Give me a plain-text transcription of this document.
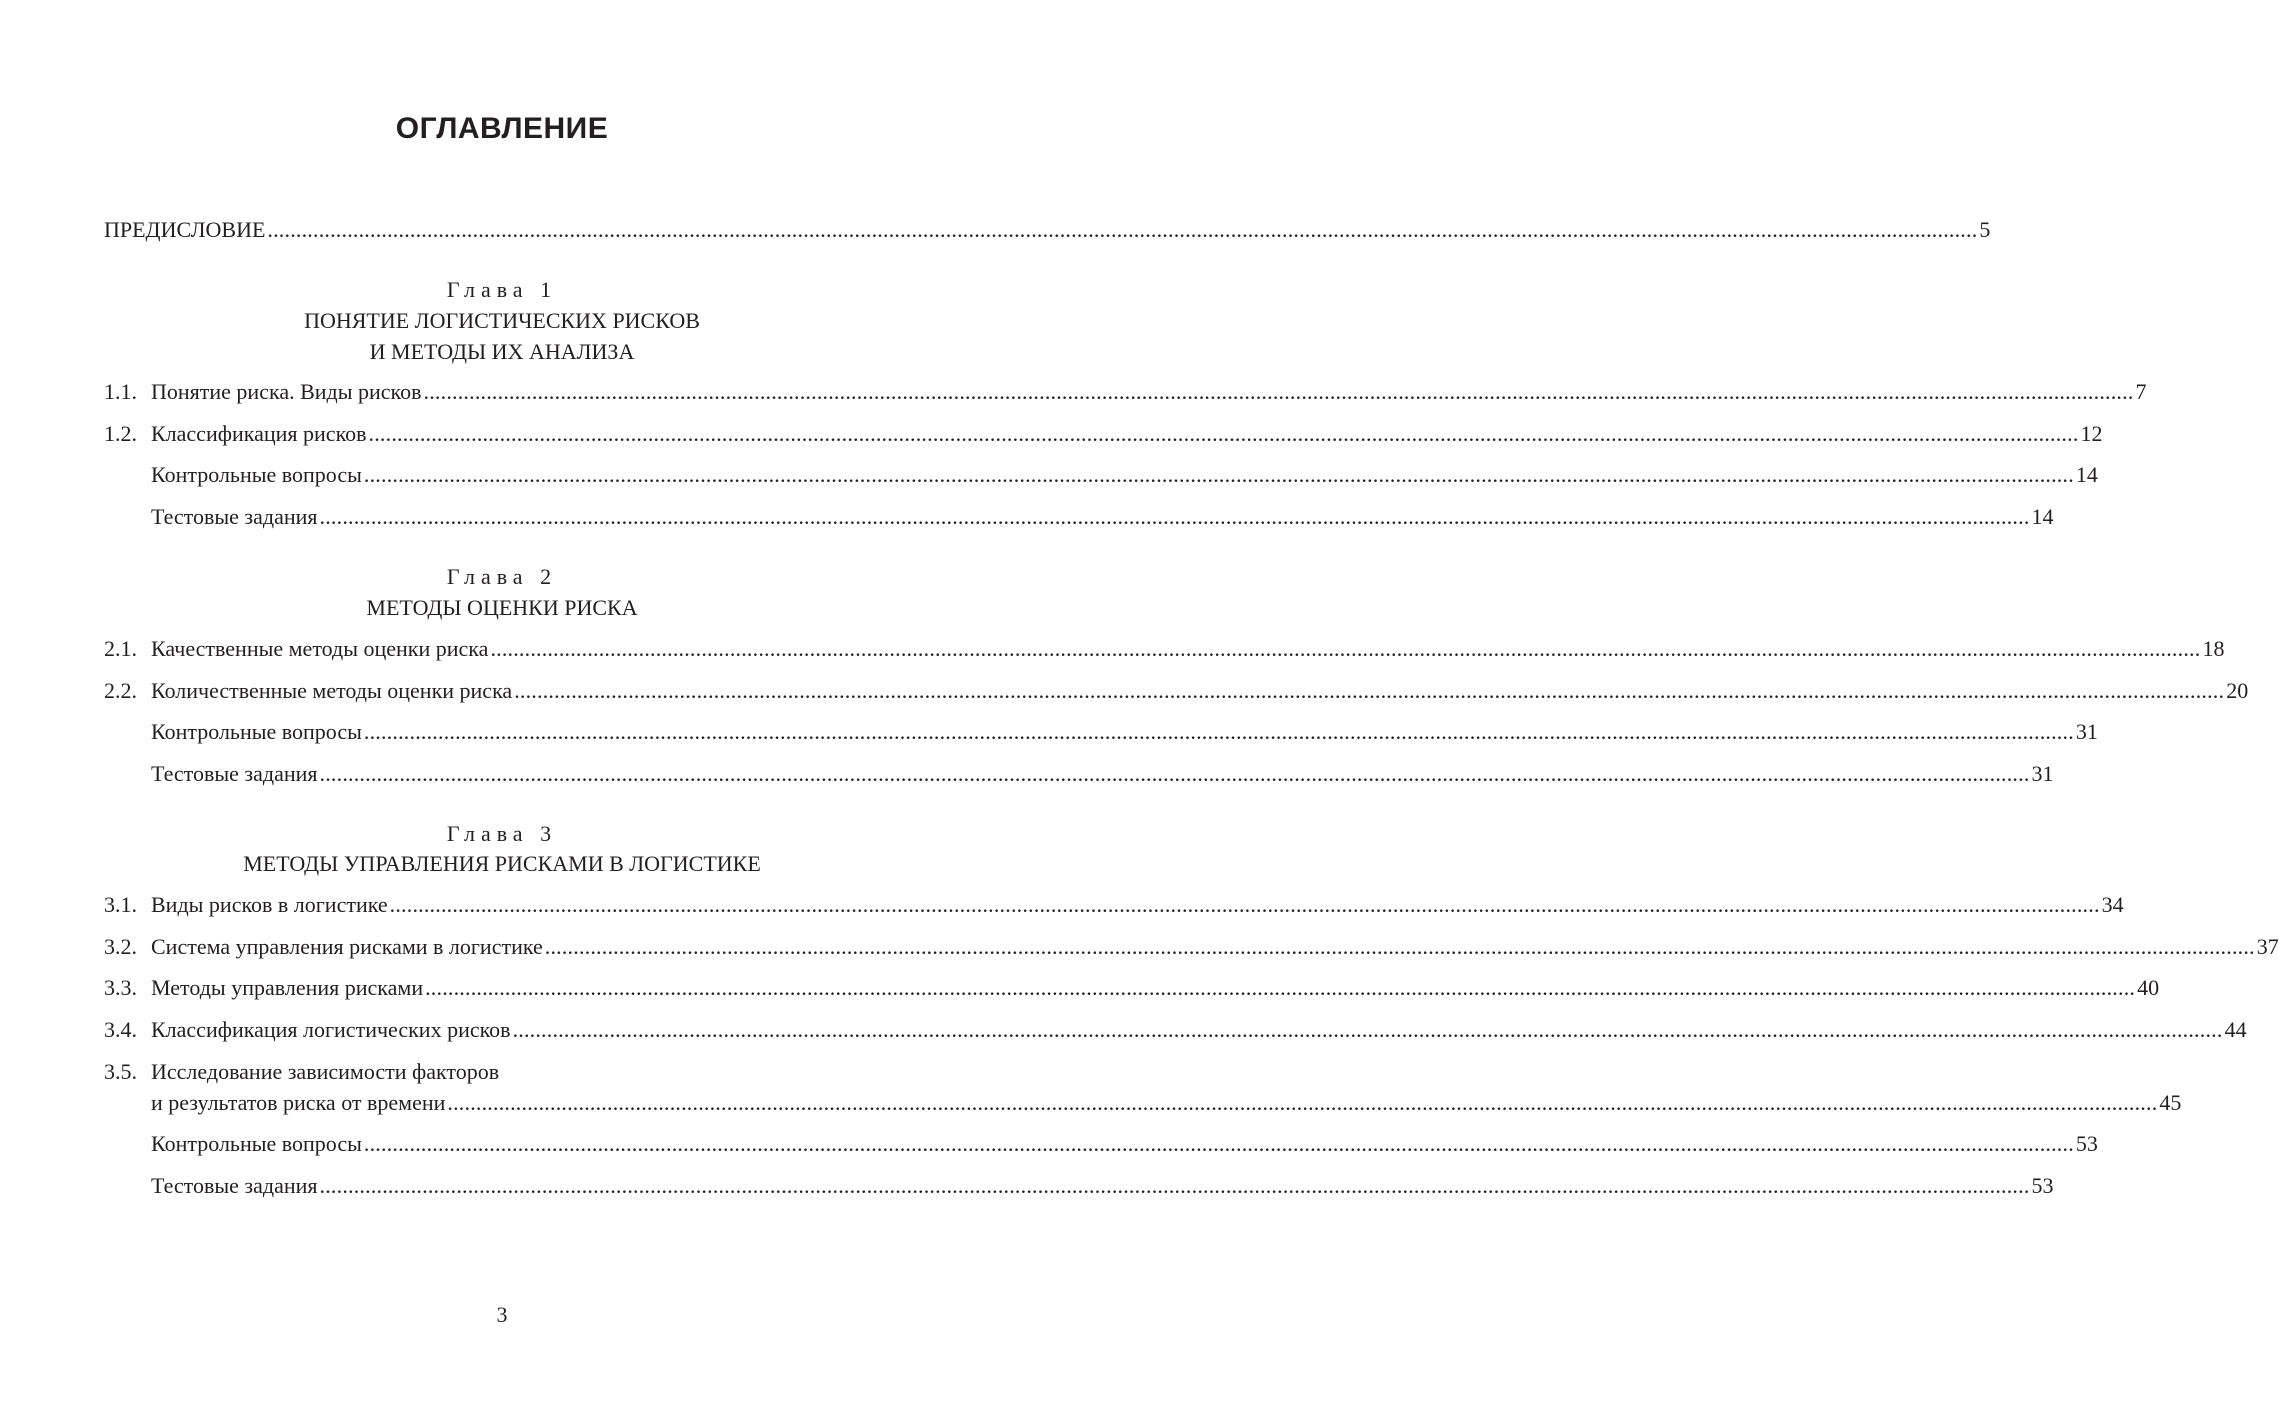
ОГЛАВЛЕНИЕ
ПРЕДИСЛОВИЕ ............................................................................................................................................................................................................................................................................................................ 5
Глава 1
ПОНЯТИЕ ЛОГИСТИЧЕСКИХ РИСКОВ
И МЕТОДЫ ИХ АНАЛИЗА
1.1. Понятие риска. Виды рисков ............................................................................................................................................................................................................................................................................................................ 7
1.2. Классификация рисков ............................................................................................................................................................................................................................................................................................................ 12
Контрольные вопросы ............................................................................................................................................................................................................................................................................................................ 14
Тестовые задания ............................................................................................................................................................................................................................................................................................................ 14
Глава 2
МЕТОДЫ ОЦЕНКИ РИСКА
2.1. Качественные методы оценки риска ............................................................................................................................................................................................................................................................................................................ 18
2.2. Количественные методы оценки риска ............................................................................................................................................................................................................................................................................................................ 20
Контрольные вопросы ............................................................................................................................................................................................................................................................................................................ 31
Тестовые задания ............................................................................................................................................................................................................................................................................................................ 31
Глава 3
МЕТОДЫ УПРАВЛЕНИЯ РИСКАМИ В ЛОГИСТИКЕ
3.1. Виды рисков в логистике ............................................................................................................................................................................................................................................................................................................ 34
3.2. Система управления рисками в логистике ............................................................................................................................................................................................................................................................................................................ 37
3.3. Методы управления рисками ............................................................................................................................................................................................................................................................................................................ 40
3.4. Классификация логистических рисков ............................................................................................................................................................................................................................................................................................................ 44
3.5. Исследование зависимости факторов
и результатов риска от времени ............................................................................................................................................................................................................................................................................................................ 45
Контрольные вопросы ............................................................................................................................................................................................................................................................................................................ 53
Тестовые задания ............................................................................................................................................................................................................................................................................................................ 53
3
